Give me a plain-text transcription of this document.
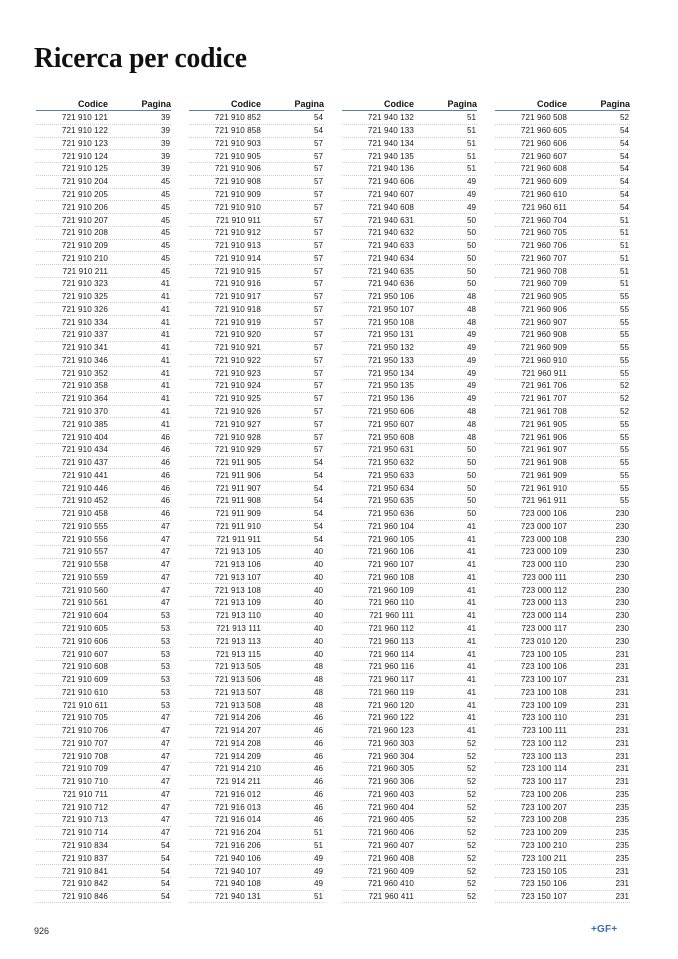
Ricerca per codice
Codice	Pagina
721 910 121	39
721 910 122	39
721 910 123	39
721 910 124	39
721 910 125	39
721 910 204	45
721 910 205	45
721 910 206	45
721 910 207	45
721 910 208	45
721 910 209	45
721 910 210	45
721 910 211	45
721 910 323	41
721 910 325	41
721 910 326	41
721 910 334	41
721 910 337	41
721 910 341	41
721 910 346	41
721 910 352	41
721 910 358	41
721 910 364	41
721 910 370	41
721 910 385	41
721 910 404	46
721 910 434	46
721 910 437	46
721 910 441	46
721 910 446	46
721 910 452	46
721 910 458	46
721 910 555	47
721 910 556	47
721 910 557	47
721 910 558	47
721 910 559	47
721 910 560	47
721 910 561	47
721 910 604	53
721 910 605	53
721 910 606	53
721 910 607	53
721 910 608	53
721 910 609	53
721 910 610	53
721 910 611	53
721 910 705	47
721 910 706	47
721 910 707	47
721 910 708	47
721 910 709	47
721 910 710	47
721 910 711	47
721 910 712	47
721 910 713	47
721 910 714	47
721 910 834	54
721 910 837	54
721 910 841	54
721 910 842	54
721 910 846	54
Codice	Pagina
721 910 852	54
721 910 858	54
721 910 903	57
721 910 905	57
721 910 906	57
721 910 908	57
721 910 909	57
721 910 910	57
721 910 911	57
721 910 912	57
721 910 913	57
721 910 914	57
721 910 915	57
721 910 916	57
721 910 917	57
721 910 918	57
721 910 919	57
721 910 920	57
721 910 921	57
721 910 922	57
721 910 923	57
721 910 924	57
721 910 925	57
721 910 926	57
721 910 927	57
721 910 928	57
721 910 929	57
721 911 905	54
721 911 906	54
721 911 907	54
721 911 908	54
721 911 909	54
721 911 910	54
721 911 911	54
721 913 105	40
721 913 106	40
721 913 107	40
721 913 108	40
721 913 109	40
721 913 110	40
721 913 111	40
721 913 113	40
721 913 115	40
721 913 505	48
721 913 506	48
721 913 507	48
721 913 508	48
721 914 206	46
721 914 207	46
721 914 208	46
721 914 209	46
721 914 210	46
721 914 211	46
721 916 012	46
721 916 013	46
721 916 014	46
721 916 204	51
721 916 206	51
721 940 106	49
721 940 107	49
721 940 108	49
721 940 131	51
Codice	Pagina
721 940 132	51
721 940 133	51
721 940 134	51
721 940 135	51
721 940 136	51
721 940 606	49
721 940 607	49
721 940 608	49
721 940 631	50
721 940 632	50
721 940 633	50
721 940 634	50
721 940 635	50
721 940 636	50
721 950 106	48
721 950 107	48
721 950 108	48
721 950 131	49
721 950 132	49
721 950 133	49
721 950 134	49
721 950 135	49
721 950 136	49
721 950 606	48
721 950 607	48
721 950 608	48
721 950 631	50
721 950 632	50
721 950 633	50
721 950 634	50
721 950 635	50
721 950 636	50
721 960 104	41
721 960 105	41
721 960 106	41
721 960 107	41
721 960 108	41
721 960 109	41
721 960 110	41
721 960 111	41
721 960 112	41
721 960 113	41
721 960 114	41
721 960 116	41
721 960 117	41
721 960 119	41
721 960 120	41
721 960 122	41
721 960 123	41
721 960 303	52
721 960 304	52
721 960 305	52
721 960 306	52
721 960 403	52
721 960 404	52
721 960 405	52
721 960 406	52
721 960 407	52
721 960 408	52
721 960 409	52
721 960 410	52
721 960 411	52
Codice	Pagina
721 960 508	52
721 960 605	54
721 960 606	54
721 960 607	54
721 960 608	54
721 960 609	54
721 960 610	54
721 960 611	54
721 960 704	51
721 960 705	51
721 960 706	51
721 960 707	51
721 960 708	51
721 960 709	51
721 960 905	55
721 960 906	55
721 960 907	55
721 960 908	55
721 960 909	55
721 960 910	55
721 960 911	55
721 961 706	52
721 961 707	52
721 961 708	52
721 961 905	55
721 961 906	55
721 961 907	55
721 961 908	55
721 961 909	55
721 961 910	55
721 961 911	55
723 000 106	230
723 000 107	230
723 000 108	230
723 000 109	230
723 000 110	230
723 000 111	230
723 000 112	230
723 000 113	230
723 000 114	230
723 000 117	230
723 010 120	230
723 100 105	231
723 100 106	231
723 100 107	231
723 100 108	231
723 100 109	231
723 100 110	231
723 100 111	231
723 100 112	231
723 100 113	231
723 100 114	231
723 100 117	231
723 100 206	235
723 100 207	235
723 100 208	235
723 100 209	235
723 100 210	235
723 100 211	235
723 150 105	231
723 150 106	231
723 150 107	231
926	+GF+
